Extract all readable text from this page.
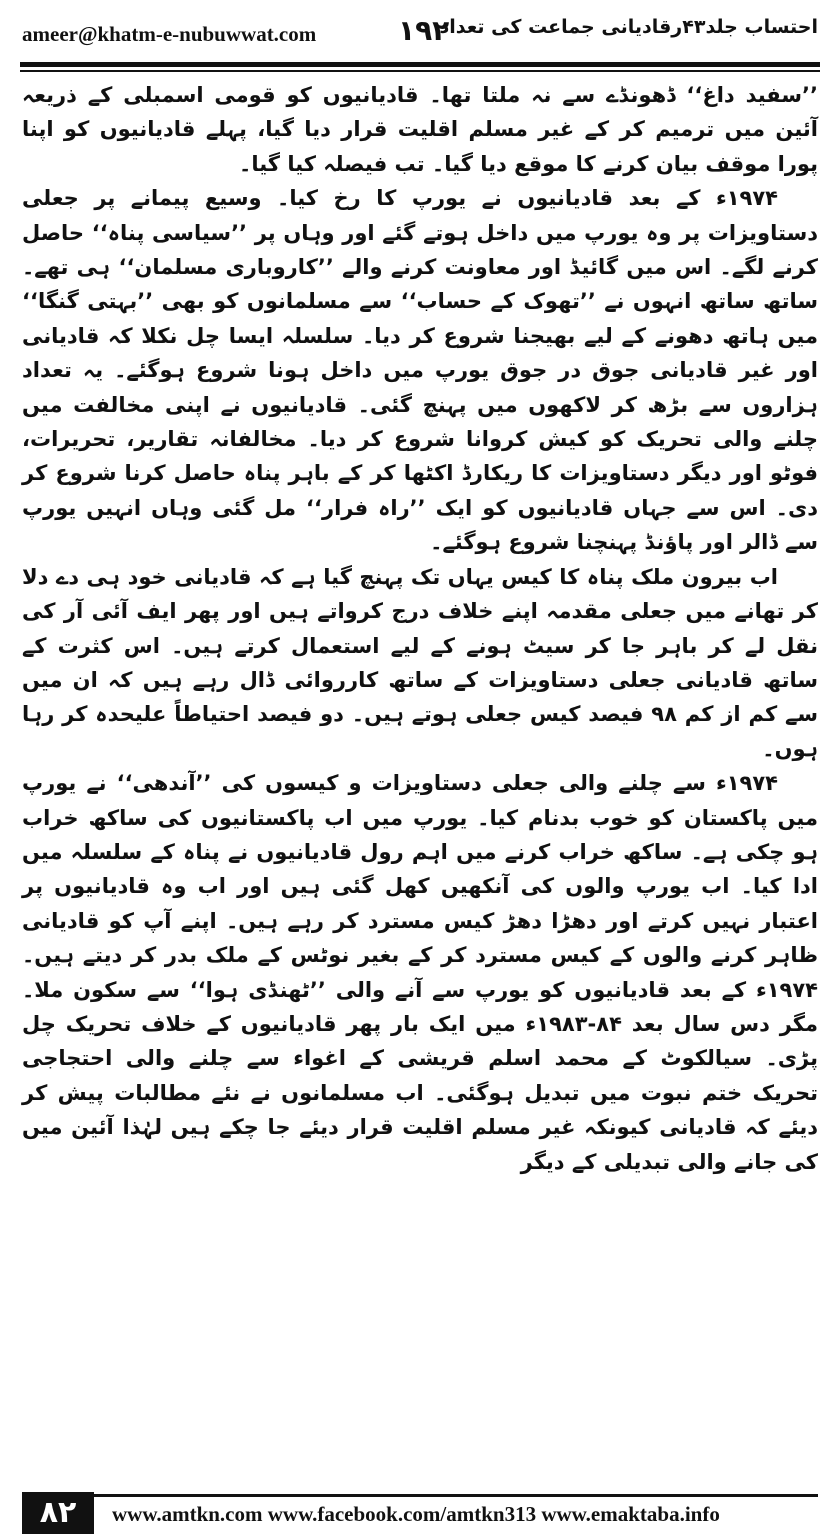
ameer@khatm-e-nubuwwat.com	۱۹۲
احتساب جلد۴۳رقادیانی جماعت کی تعداد

’’سفید داغ‘‘ ڈھونڈے سے نہ ملتا تھا۔ قادیانیوں کو قومی اسمبلی کے ذریعہ آئین میں ترمیم کر کے غیر مسلم اقلیت قرار دیا گیا، پہلے قادیانیوں کو اپنا پورا موقف بیان کرنے کا موقع دیا گیا۔ تب فیصلہ کیا گیا۔

۱۹۷۴ء کے بعد قادیانیوں نے یورپ کا رخ کیا۔ وسیع پیمانے پر جعلی دستاویزات پر وہ یورپ میں داخل ہوتے گئے اور وہاں پر ’’سیاسی پناہ‘‘ حاصل کرنے لگے۔ اس میں گائیڈ اور معاونت کرنے والے ’’کاروباری مسلمان‘‘ ہی تھے۔ ساتھ ساتھ انہوں نے ’’تھوک کے حساب‘‘ سے مسلمانوں کو بھی ’’بہتی گنگا‘‘ میں ہاتھ دھونے کے لیے بھیجنا شروع کر دیا۔ سلسلہ ایسا چل نکلا کہ قادیانی اور غیر قادیانی جوق در جوق یورپ میں داخل ہونا شروع ہوگئے۔ یہ تعداد ہزاروں سے بڑھ کر لاکھوں میں پہنچ گئی۔ قادیانیوں نے اپنی مخالفت میں چلنے والی تحریک کو کیش کروانا شروع کر دیا۔ مخالفانہ تقاریر، تحریرات، فوٹو اور دیگر دستاویزات کا ریکارڈ اکٹھا کر کے باہر پناہ حاصل کرنا شروع کر دی۔ اس سے جہاں قادیانیوں کو ایک ’’راہ فرار‘‘ مل گئی وہاں انہیں یورپ سے ڈالر اور پاؤنڈ پہنچنا شروع ہوگئے۔

اب بیرون ملک پناہ کا کیس یہاں تک پہنچ گیا ہے کہ قادیانی خود ہی دے دلا کر تھانے میں جعلی مقدمہ اپنے خلاف درج کرواتے ہیں اور پھر ایف آئی آر کی نقل لے کر باہر جا کر سیٹ ہونے کے لیے استعمال کرتے ہیں۔ اس کثرت کے ساتھ قادیانی جعلی دستاویزات کے ساتھ کارروائی ڈال رہے ہیں کہ ان میں سے کم از کم ۹۸ فیصد کیس جعلی ہوتے ہیں۔ دو فیصد احتیاطاً علیحدہ کر رہا ہوں۔

۱۹۷۴ء سے چلنے والی جعلی دستاویزات و کیسوں کی ’’آندھی‘‘ نے یورپ میں پاکستان کو خوب بدنام کیا۔ یورپ میں اب پاکستانیوں کی ساکھ خراب ہو چکی ہے۔ ساکھ خراب کرنے میں اہم رول قادیانیوں نے پناہ کے سلسلہ میں ادا کیا۔ اب یورپ والوں کی آنکھیں کھل گئی ہیں اور اب وہ قادیانیوں پر اعتبار نہیں کرتے اور دھڑا دھڑ کیس مسترد کر رہے ہیں۔ اپنے آپ کو قادیانی ظاہر کرنے والوں کے کیس مسترد کر کے بغیر نوٹس کے ملک بدر کر دیتے ہیں۔ ۱۹۷۴ء کے بعد قادیانیوں کو یورپ سے آنے والی ’’ٹھنڈی ہوا‘‘ سے سکون ملا۔ مگر دس سال بعد ۸۴-۱۹۸۳ء میں ایک بار پھر قادیانیوں کے خلاف تحریک چل پڑی۔ سیالکوٹ کے محمد اسلم قریشی کے اغواء سے چلنے والی احتجاجی تحریک ختم نبوت میں تبدیل ہوگئی۔ اب مسلمانوں نے نئے مطالبات پیش کر دیئے کہ قادیانی کیونکہ غیر مسلم اقلیت قرار دیئے جا چکے ہیں لہٰذا آئین میں کی جانے والی تبدیلی کے دیگر

۸۲	www.amtkn.com www.facebook.com/amtkn313 www.emaktaba.info
